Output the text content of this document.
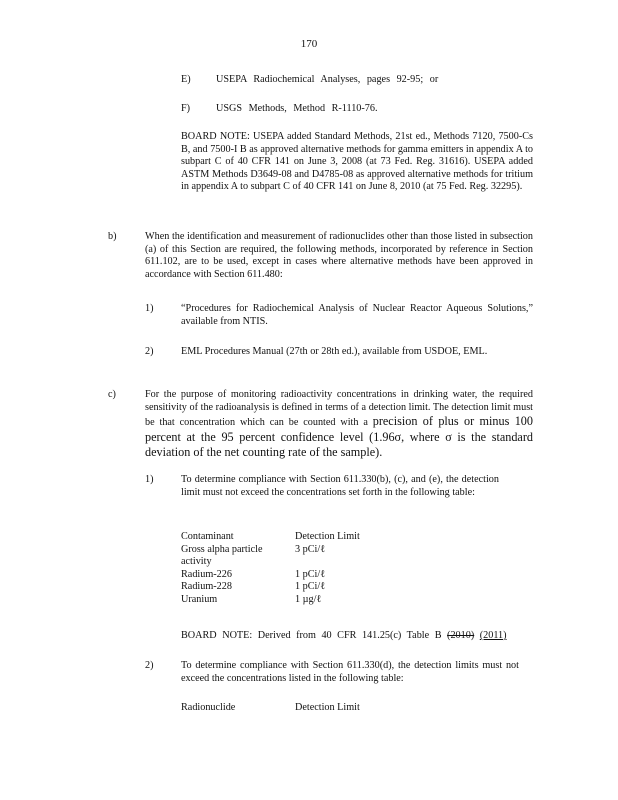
170
E) USEPA Radiochemical Analyses, pages 92-95; or
F)	USGS Methods, Method R-1110-76.
BOARD NOTE: USEPA added Standard Methods, 21st ed., Methods 7120, 7500-Cs B, and 7500-I B as approved alternative methods for gamma emitters in appendix A to subpart C of 40 CFR 141 on June 3, 2008 (at 73 Fed. Reg. 31616). USEPA added ASTM Methods D3649-08 and D4785-08 as approved alternative methods for tritium in appendix A to subpart C of 40 CFR 141 on June 8, 2010 (at 75 Fed. Reg. 32295).
b)	When the identification and measurement of radionuclides other than those listed in subsection (a) of this Section are required, the following methods, incorporated by reference in Section 611.102, are to be used, except in cases where alternative methods have been approved in accordance with Section 611.480:
1)	“Procedures for Radiochemical Analysis of Nuclear Reactor Aqueous Solutions,” available from NTIS.
2)	EML Procedures Manual (27th or 28th ed.), available from USDOE, EML.
c)	For the purpose of monitoring radioactivity concentrations in drinking water, the required sensitivity of the radioanalysis is defined in terms of a detection limit. The detection limit must be that concentration which can be counted with a precision of plus or minus 100 percent at the 95 percent confidence level (1.96σ, where σ is the standard deviation of the net counting rate of the sample).
1)	To determine compliance with Section 611.330(b), (c), and (e), the detection limit must not exceed the concentrations set forth in the following table:
Contaminant	Detection Limit
Gross alpha particle activity	3 pCi/ℓ
Radium-226	1 pCi/ℓ
Radium-228	1 pCi/ℓ
Uranium	1 µg/ℓ
BOARD NOTE: Derived from 40 CFR 141.25(c) Table B (2010) (2011)
2)	To determine compliance with Section 611.330(d), the detection limits must not exceed the concentrations listed in the following table:
Radionuclide	Detection Limit
